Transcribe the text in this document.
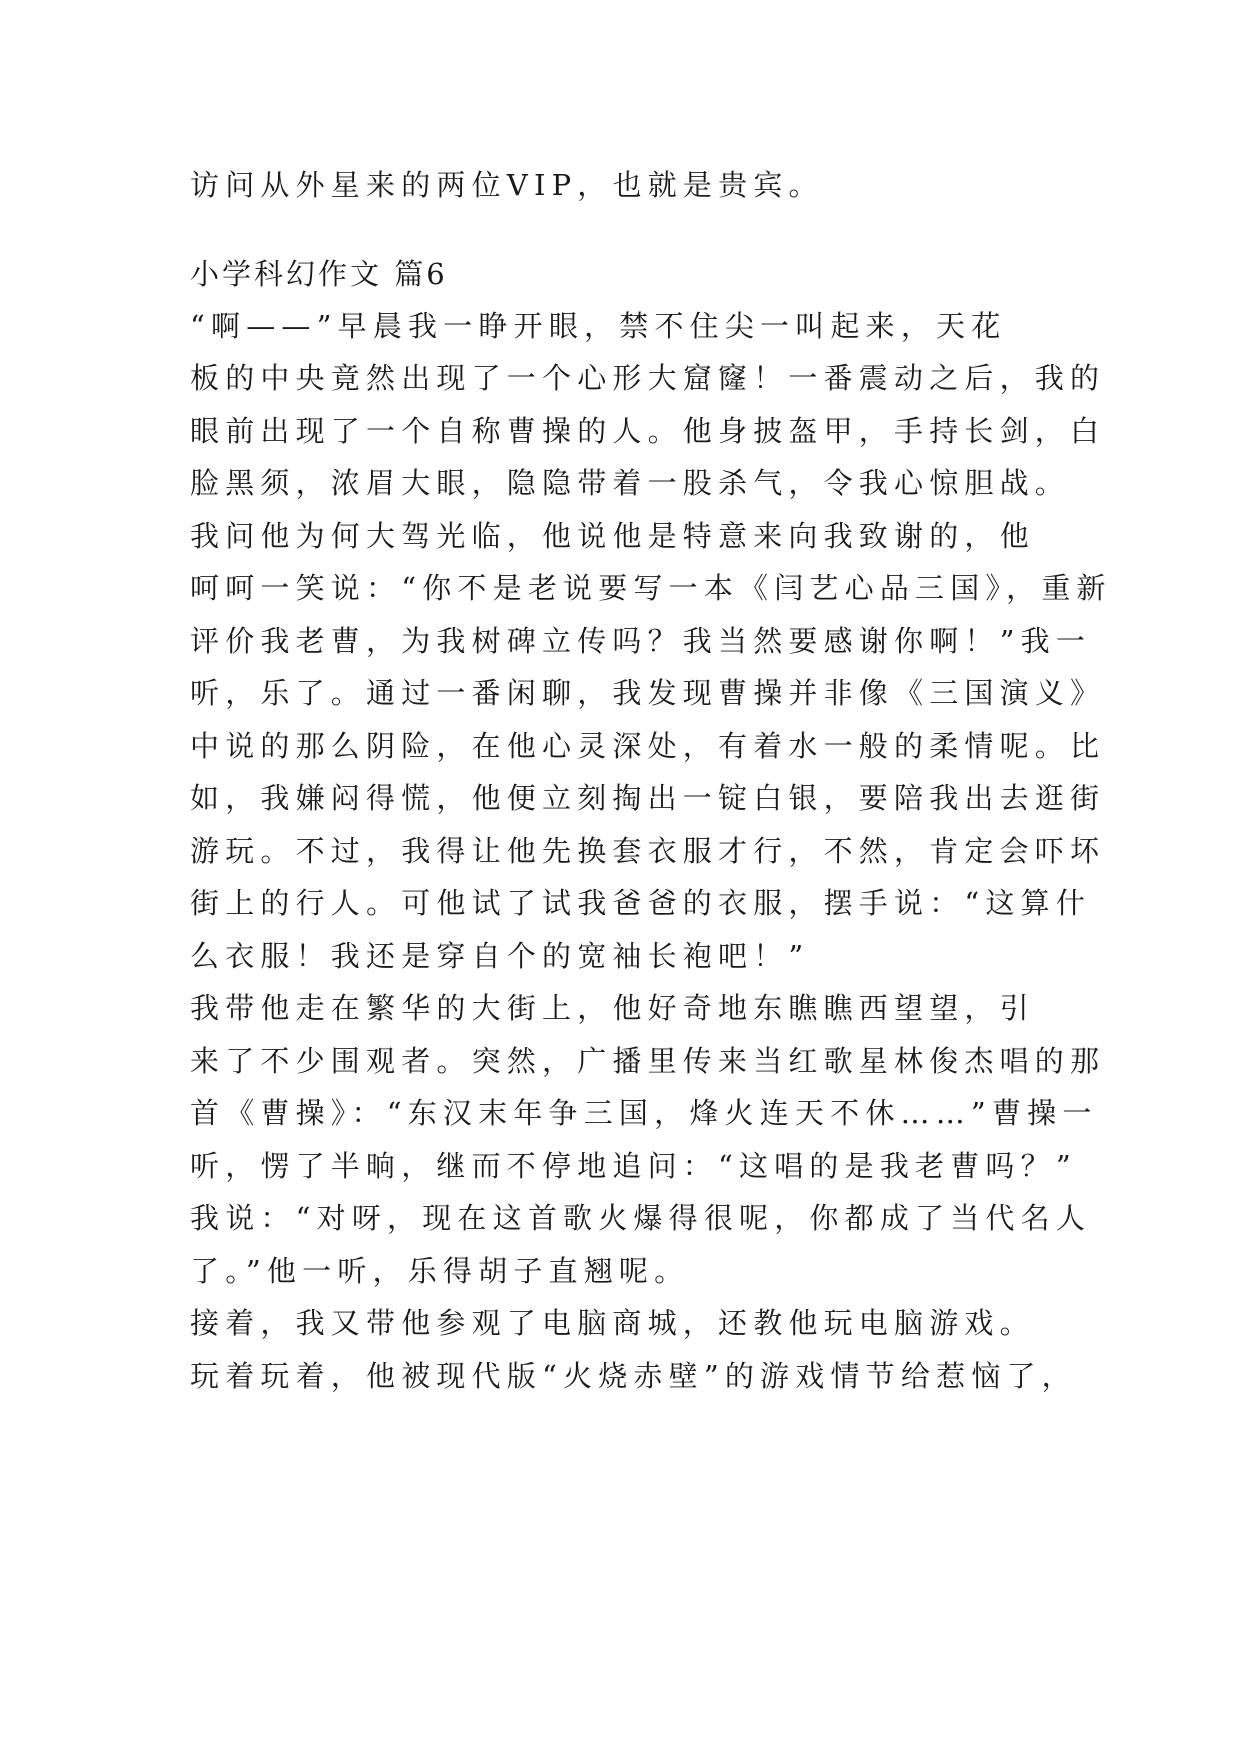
访问从外星来的两位VIP，也就是贵宾。
小学科幻作文 篇6
“啊——”早晨我一睁开眼，禁不住尖一叫起来，天花
板的中央竟然出现了一个心形大窟窿！一番震动之后，我的
眼前出现了一个自称曹操的人。他身披盔甲，手持长剑，白
脸黑须，浓眉大眼，隐隐带着一股杀气，令我心惊胆战。
我问他为何大驾光临，他说他是特意来向我致谢的，他
呵呵一笑说：“你不是老说要写一本《闫艺心品三国》，重新
评价我老曹，为我树碑立传吗？我当然要感谢你啊！”我一
听，乐了。通过一番闲聊，我发现曹操并非像《三国演义》
中说的那么阴险，在他心灵深处，有着水一般的柔情呢。比
如，我嫌闷得慌，他便立刻掏出一锭白银，要陪我出去逛街
游玩。不过，我得让他先换套衣服才行，不然，肯定会吓坏
街上的行人。可他试了试我爸爸的衣服，摆手说：“这算什
么衣服！我还是穿自个的宽袖长袍吧！”
我带他走在繁华的大街上，他好奇地东瞧瞧西望望，引
来了不少围观者。突然，广播里传来当红歌星林俊杰唱的那
首《曹操》：“东汉末年争三国，烽火连天不休……”曹操一
听，愣了半晌，继而不停地追问：“这唱的是我老曹吗？”
我说：“对呀，现在这首歌火爆得很呢，你都成了当代名人
了。”他一听，乐得胡子直翘呢。
接着，我又带他参观了电脑商城，还教他玩电脑游戏。
玩着玩着，他被现代版“火烧赤壁”的游戏情节给惹恼了，
